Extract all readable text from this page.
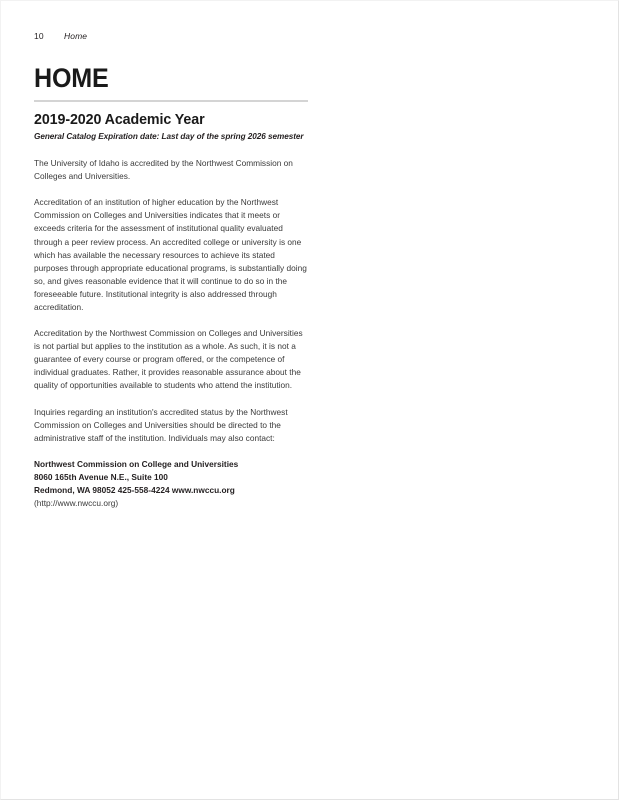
10	Home
HOME
2019-2020 Academic Year

General Catalog Expiration date: Last day of the spring 2026 semester

The University of Idaho is accredited by the Northwest Commission on Colleges and Universities.

Accreditation of an institution of higher education by the Northwest Commission on Colleges and Universities indicates that it meets or exceeds criteria for the assessment of institutional quality evaluated through a peer review process. An accredited college or university is one which has available the necessary resources to achieve its stated purposes through appropriate educational programs, is substantially doing so, and gives reasonable evidence that it will continue to do so in the foreseeable future. Institutional integrity is also addressed through accreditation.

Accreditation by the Northwest Commission on Colleges and Universities is not partial but applies to the institution as a whole. As such, it is not a guarantee of every course or program offered, or the competence of individual graduates. Rather, it provides reasonable assurance about the quality of opportunities available to students who attend the institution.

Inquiries regarding an institution's accredited status by the Northwest Commission on Colleges and Universities should be directed to the administrative staff of the institution. Individuals may also contact:

Northwest Commission on College and Universities
8060 165th Avenue N.E., Suite 100
Redmond, WA 98052 425-558-4224 www.nwccu.org (http://www.nwccu.org)
